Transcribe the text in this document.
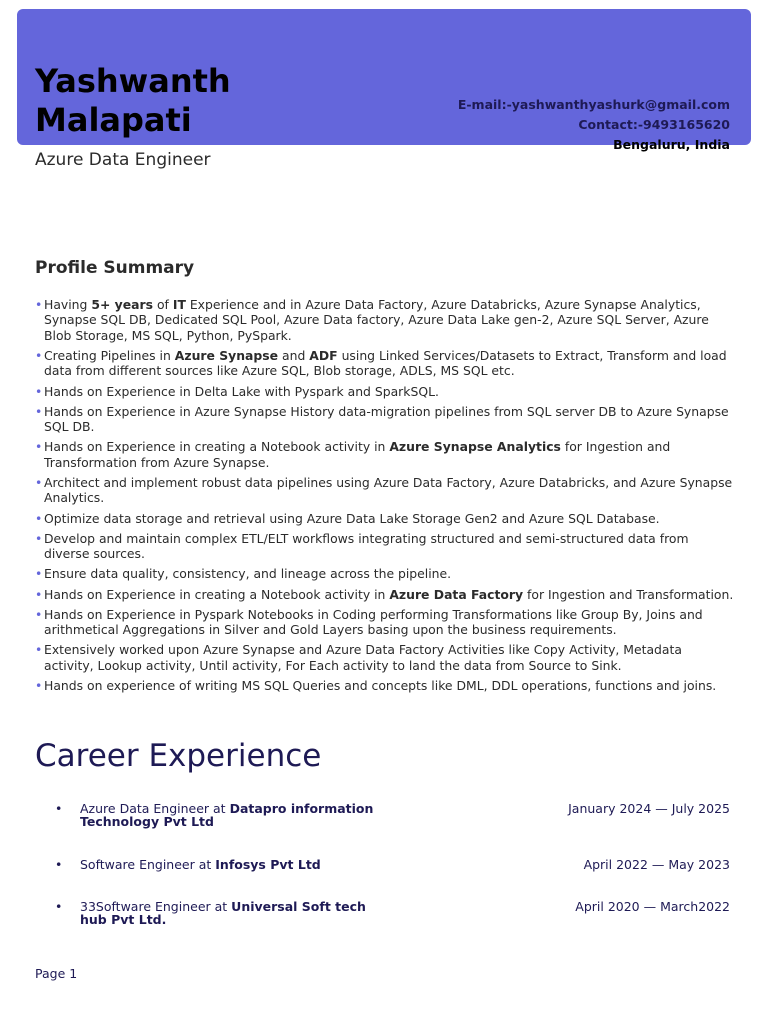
Yashwanth
Malapati
Azure Data Engineer
E-mail:-yashwanthyashurk@gmail.com
Contact:-9493165620
Bengaluru, India
Profile Summary
• Having 5+ years of IT Experience and in Azure Data Factory, Azure Databricks, Azure Synapse Analytics, Synapse SQL DB, Dedicated SQL Pool, Azure Data factory, Azure Data Lake gen-2, Azure SQL Server, Azure Blob Storage, MS SQL, Python, PySpark.
• Creating Pipelines in Azure Synapse and ADF using Linked Services/Datasets to Extract, Transform and load data from different sources like Azure SQL, Blob storage, ADLS, MS SQL etc.
• Hands on Experience in Delta Lake with Pyspark and SparkSQL.
• Hands on Experience in Azure Synapse History data-migration pipelines from SQL server DB to Azure Synapse SQL DB.
• Hands on Experience in creating a Notebook activity in Azure Synapse Analytics for Ingestion and Transformation from Azure Synapse.
• Architect and implement robust data pipelines using Azure Data Factory, Azure Databricks, and Azure Synapse Analytics.
• Optimize data storage and retrieval using Azure Data Lake Storage Gen2 and Azure SQL Database.
• Develop and maintain complex ETL/ELT workflows integrating structured and semi-structured data from diverse sources.
• Ensure data quality, consistency, and lineage across the pipeline.
• Hands on Experience in creating a Notebook activity in Azure Data Factory for Ingestion and Transformation.
• Hands on Experience in Pyspark Notebooks in Coding performing Transformations like Group By, Joins and arithmetical Aggregations in Silver and Gold Layers basing upon the business requirements.
• Extensively worked upon Azure Synapse and Azure Data Factory Activities like Copy Activity, Metadata activity, Lookup activity, Until activity, For Each activity to land the data from Source to Sink.
• Hands on experience of writing MS SQL Queries and concepts like DML, DDL operations, functions and joins.
Career Experience
•	Azure Data Engineer at Datapro information Technology Pvt Ltd
January 2024 — July 2025
•	Software Engineer at Infosys Pvt Ltd	April 2022 — May 2023
•	33Software Engineer at Universal Soft tech hub Pvt Ltd.
April 2020 — March2022
Page 1
